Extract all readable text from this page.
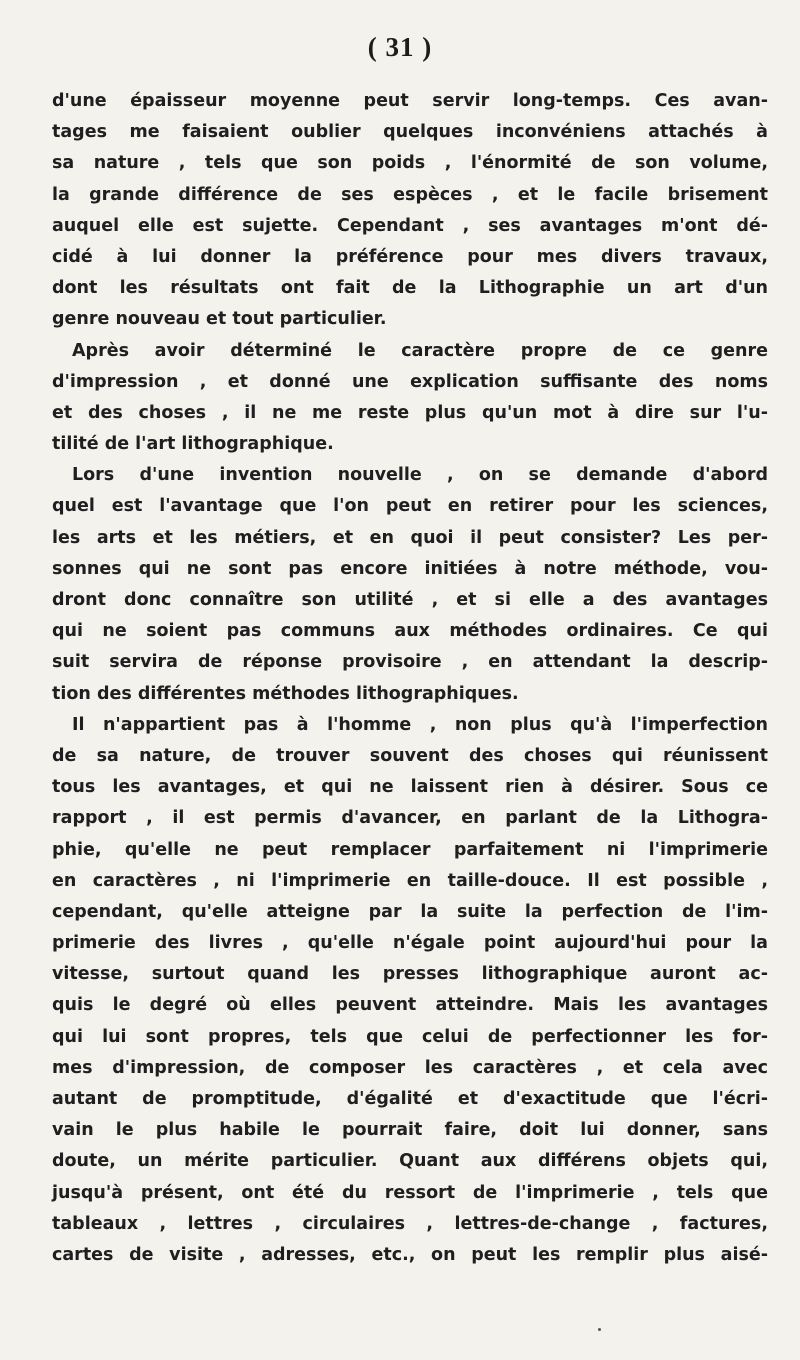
( 31 )
d'une épaisseur moyenne peut servir long-temps. Ces avan-
tages me faisaient oublier quelques inconvéniens attachés à
sa nature , tels que son poids , l'énormité de son volume,
la grande différence de ses espèces , et le facile brisement
auquel elle est sujette. Cependant , ses avantages m'ont dé-
cidé à lui donner la préférence pour mes divers travaux,
dont les résultats ont fait de la Lithographie un art d'un
genre nouveau et tout particulier.
Après avoir déterminé le caractère propre de ce genre
d'impression , et donné une explication suffisante des noms
et des choses , il ne me reste plus qu'un mot à dire sur l'u-
tilité de l'art lithographique.
Lors d'une invention nouvelle , on se demande d'abord
quel est l'avantage que l'on peut en retirer pour les sciences,
les arts et les métiers, et en quoi il peut consister? Les per-
sonnes qui ne sont pas encore initiées à notre méthode, vou-
dront donc connaître son utilité , et si elle a des avantages
qui ne soient pas communs aux méthodes ordinaires. Ce qui
suit servira de réponse provisoire , en attendant la descrip-
tion des différentes méthodes lithographiques.
Il n'appartient pas à l'homme , non plus qu'à l'imperfection
de sa nature, de trouver souvent des choses qui réunissent
tous les avantages, et qui ne laissent rien à désirer. Sous ce
rapport , il est permis d'avancer, en parlant de la Lithogra-
phie, qu'elle ne peut remplacer parfaitement ni l'imprimerie
en caractères , ni l'imprimerie en taille-douce. Il est possible ,
cependant, qu'elle atteigne par la suite la perfection de l'im-
primerie des livres , qu'elle n'égale point aujourd'hui pour la
vitesse, surtout quand les presses lithographique auront ac-
quis le degré où elles peuvent atteindre. Mais les avantages
qui lui sont propres, tels que celui de perfectionner les for-
mes d'impression, de composer les caractères , et cela avec
autant de promptitude, d'égalité et d'exactitude que l'écri-
vain le plus habile le pourrait faire, doit lui donner, sans
doute, un mérite particulier. Quant aux différens objets qui,
jusqu'à présent, ont été du ressort de l'imprimerie , tels que
tableaux , lettres , circulaires , lettres-de-change , factures,
cartes de visite , adresses, etc., on peut les remplir plus aisé-
